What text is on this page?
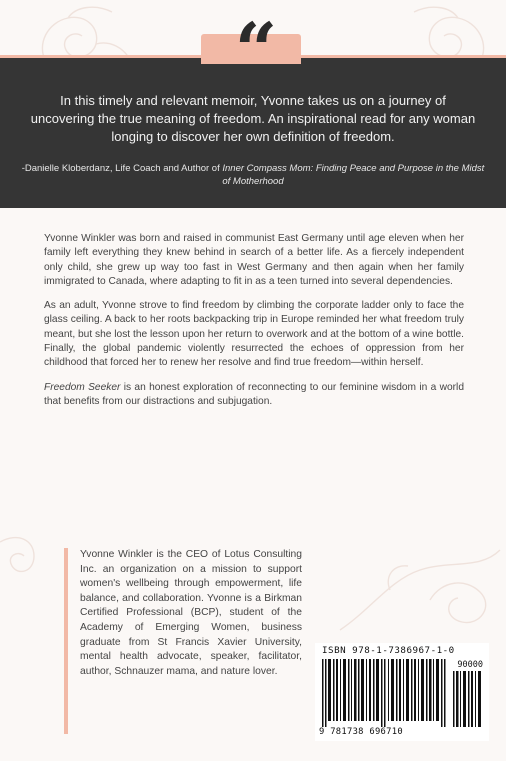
“
In this timely and relevant memoir, Yvonne takes us on a journey of uncovering the true meaning of freedom. An inspirational read for any woman longing to discover her own definition of freedom.
-Danielle Kloberdanz, Life Coach and Author of Inner Compass Mom: Finding Peace and Purpose in the Midst of Motherhood

Yvonne Winkler was born and raised in communist East Germany until age eleven when her family left everything they knew behind in search of a better life. As a fiercely independent only child, she grew up way too fast in West Germany and then again when her family immigrated to Canada, where adapting to fit in as a teen turned into several dependencies.

As an adult, Yvonne strove to find freedom by climbing the corporate ladder only to face the glass ceiling. A back to her roots backpacking trip in Europe reminded her what freedom truly meant, but she lost the lesson upon her return to overwork and at the bottom of a wine bottle. Finally, the global pandemic violently resurrected the echoes of oppression from her childhood that forced her to renew her resolve and find true freedom—within herself.

Freedom Seeker is an honest exploration of reconnecting to our feminine wisdom in a world that benefits from our distractions and subjugation.

Yvonne Winkler is the CEO of Lotus Consulting Inc. an organization on a mission to support women's wellbeing through empowerment, life balance, and collaboration. Yvonne is a Birkman Certified Professional (BCP), student of the Academy of Emerging Women, business graduate from St Francis Xavier University, mental health advocate, speaker, facilitator, author, Schnauzer mama, and nature lover.
ISBN 978-1-7386967-1-0
90000
9 781738 696710
